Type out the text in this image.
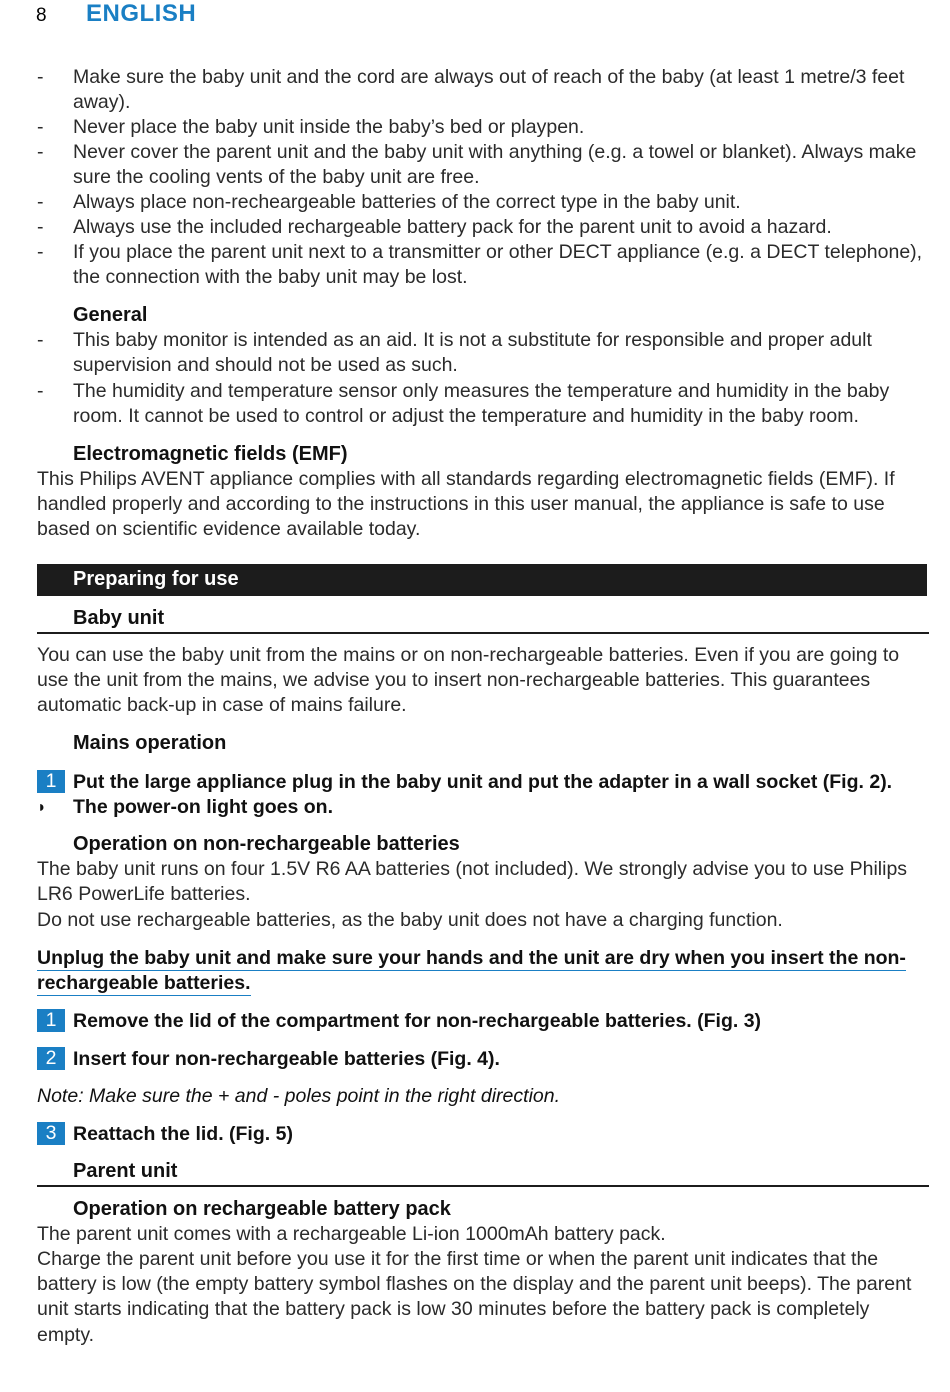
8	ENGLISH
- Make sure the baby unit and the cord are always out of reach of the baby (at least 1 metre/3 feet away).
- Never place the baby unit inside the baby’s bed or playpen.
- Never cover the parent unit and the baby unit with anything (e.g. a towel or blanket). Always make sure the cooling vents of the baby unit are free.
- Always place non-recheargeable batteries of the correct type in the baby unit.
- Always use the included rechargeable battery pack for the parent unit to avoid a hazard.
- If you place the parent unit next to a transmitter or other DECT appliance (e.g. a DECT telephone), the connection with the baby unit may be lost.
General
- This baby monitor is intended as an aid. It is not a substitute for responsible and proper adult supervision and should not be used as such.
- The humidity and temperature sensor only measures the temperature and humidity in the baby room. It cannot be used to control or adjust the temperature and humidity in the baby room.
Electromagnetic fields (EMF)
This Philips AVENT appliance complies with all standards regarding electromagnetic fields (EMF). If handled properly and according to the instructions in this user manual, the appliance is safe to use based on scientific evidence available today.
Preparing for use
Baby unit
You can use the baby unit from the mains or on non-rechargeable batteries. Even if you are going to use the unit from the mains, we advise you to insert non-rechargeable batteries. This guarantees automatic back-up in case of mains failure.
Mains operation
1 Put the large appliance plug in the baby unit and put the adapter in a wall socket (Fig. 2).
◗ The power-on light goes on.
Operation on non-rechargeable batteries
The baby unit runs on four 1.5V R6 AA batteries (not included). We strongly advise you to use Philips LR6 PowerLife batteries.
Do not use rechargeable batteries, as the baby unit does not have a charging function.
Unplug the baby unit and make sure your hands and the unit are dry when you insert the non-
rechargeable batteries.
1 Remove the lid of the compartment for non-rechargeable batteries. (Fig. 3)
2 Insert four non-rechargeable batteries (Fig. 4).
Note: Make sure the + and - poles point in the right direction.
3 Reattach the lid. (Fig. 5)
Parent unit
Operation on rechargeable battery pack
The parent unit comes with a rechargeable Li-ion 1000mAh battery pack.
Charge the parent unit before you use it for the first time or when the parent unit indicates that the battery is low (the empty battery symbol flashes on the display and the parent unit beeps). The parent unit starts indicating that the battery pack is low 30 minutes before the battery pack is completely empty.
